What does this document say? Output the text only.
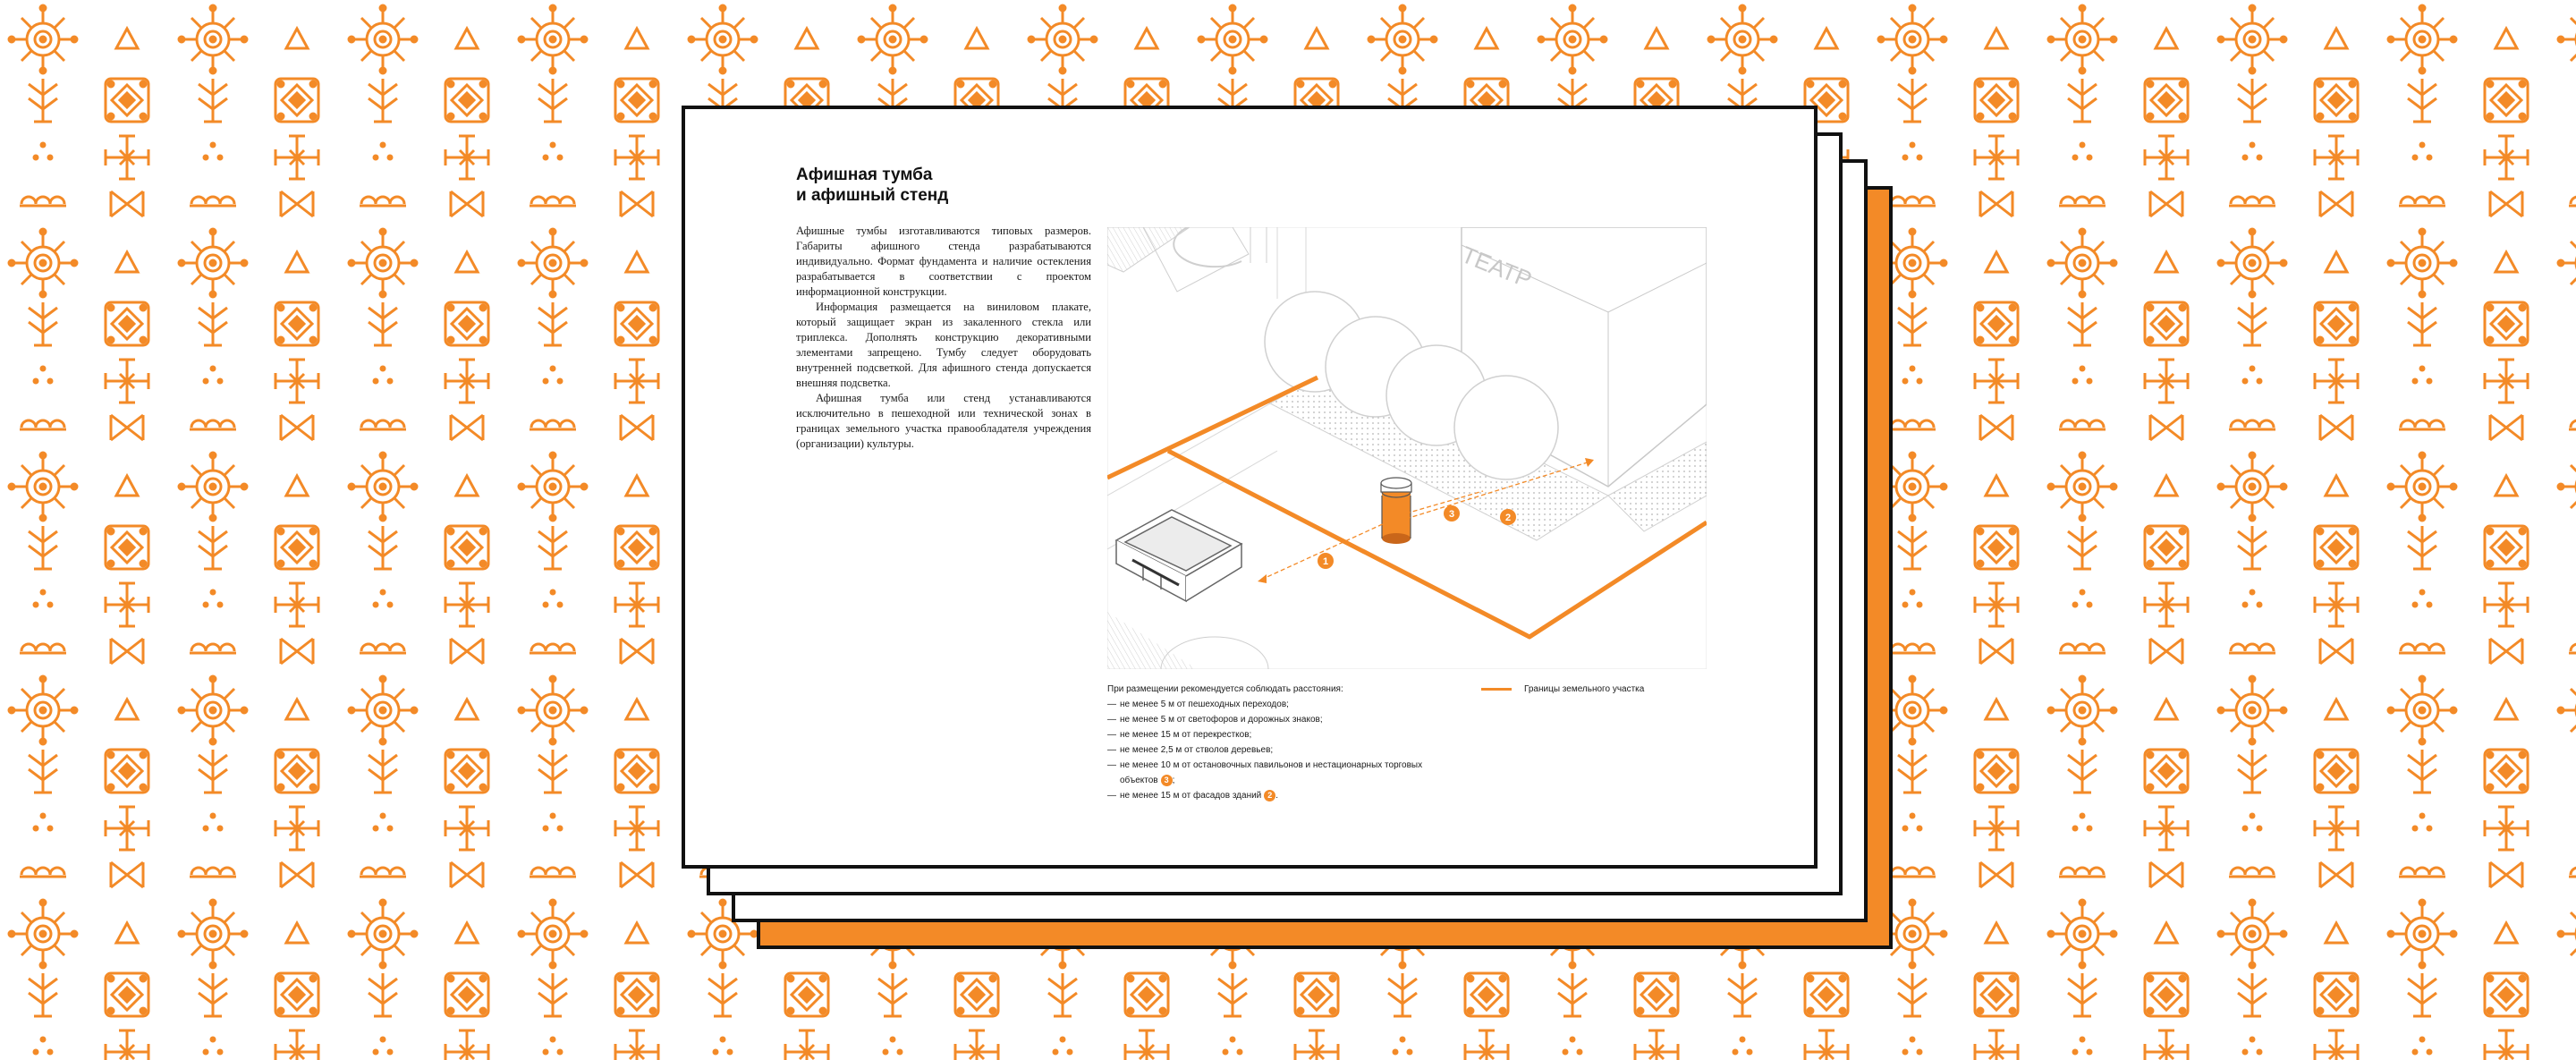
Афишная тумба
и афишный стенд

Афишные тумбы изготавливаются типовых размеров. Габариты афишного стенда разрабатываются индивидуально. Формат фундамента и наличие остекления разрабатывается в соответствии с проектом информационной конструкции.

Информация размещается на виниловом плакате, который защищает экран из закаленного стекла или триплекса. Дополнять конструкцию декоративными элементами запрещено. Тумбу следует оборудовать внутренней подсветкой. Для афишного стенда допускается внешняя подсветка.

Афишная тумба или стенд устанавливаются исключительно в пешеходной или технической зонах в границах земельного участка правообладателя учреждения (организации) культуры.

ТЕАТР
1
2
3
При размещении рекомендуется соблюдать расстояния:
— не менее 5 м от пешеходных переходов;
— не менее 5 м от светофоров и дорожных знаков;
— не менее 15 м от перекрестков;
— не менее 2,5 м от стволов деревьев;
— не менее 10 м от остановочных павильонов и нестационарных торговых объектов 3 ;
— не менее 15 м от фасадов зданий 2 .
Границы земельного участка
